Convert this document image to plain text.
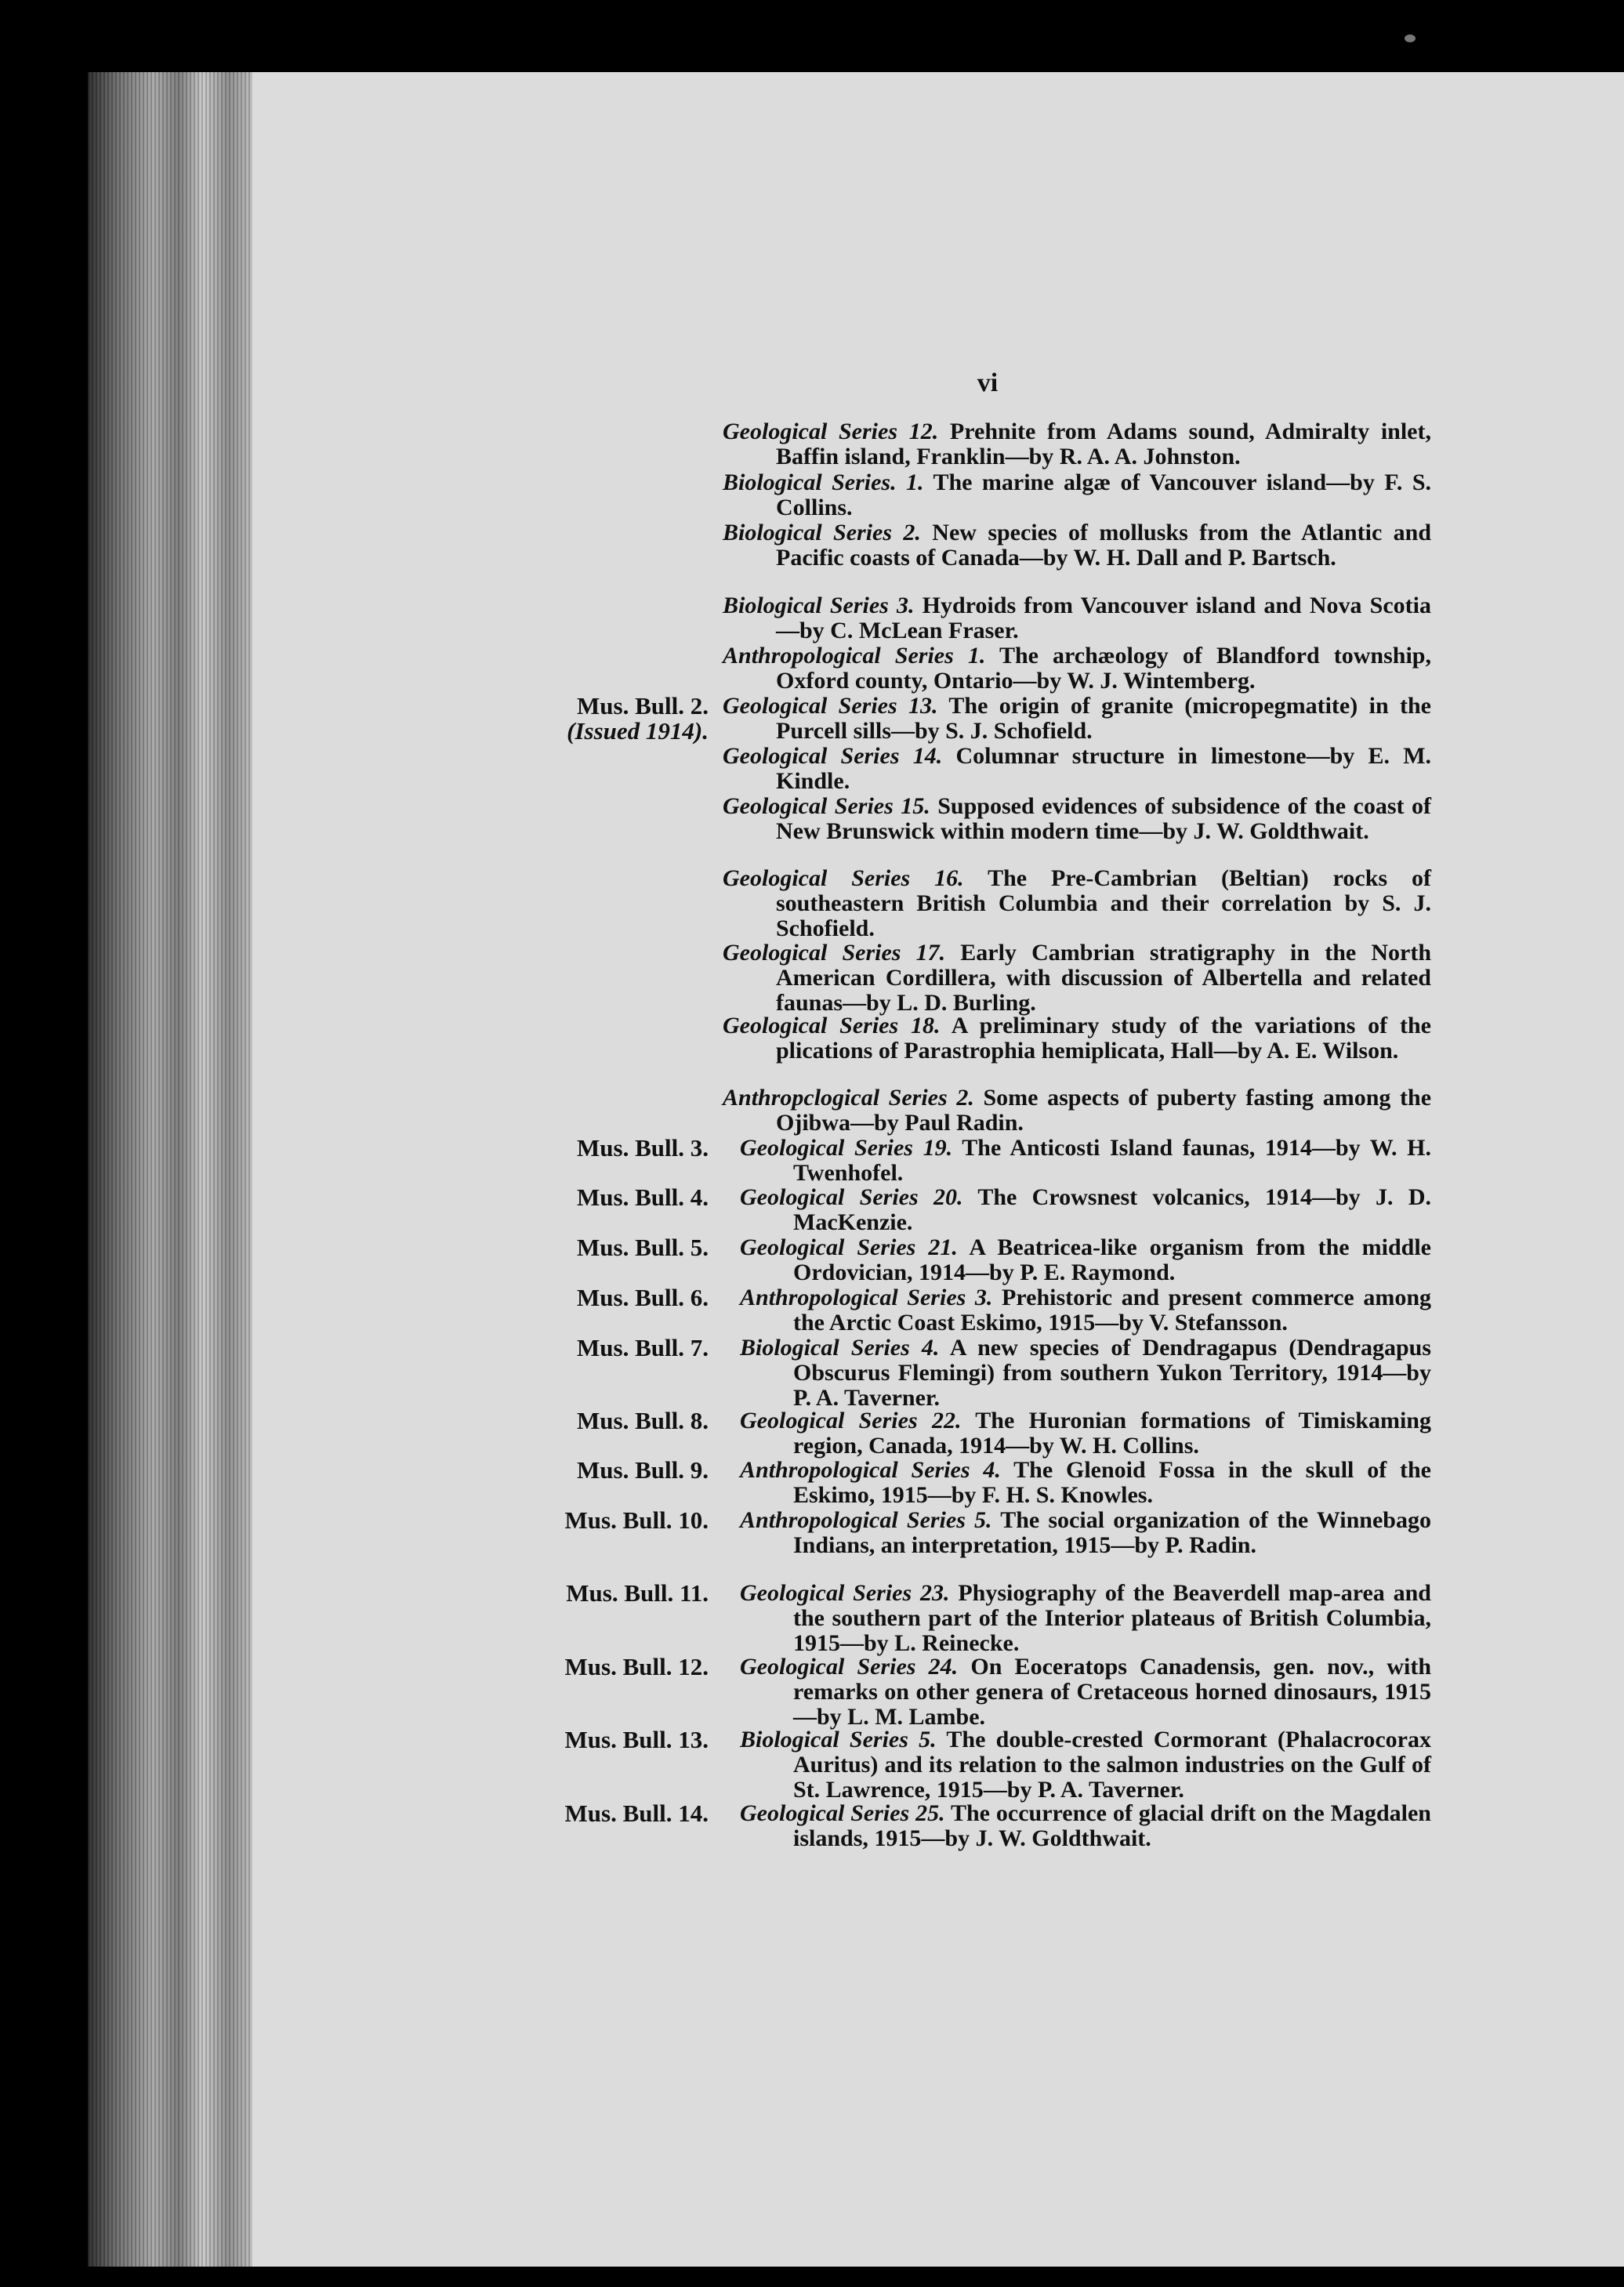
vi
Geological Series 12. Prehnite from Adams sound, Admiralty inlet, Baffin island, Franklin—by R. A. A. Johnston.
Biological Series. 1. The marine algæ of Vancouver island—by F. S. Collins.
Biological Series 2. New species of mollusks from the Atlantic and Pacific coasts of Canada—by W. H. Dall and P. Bartsch.
Biological Series 3. Hydroids from Vancouver island and Nova Scotia—by C. McLean Fraser.
Anthropological Series 1. The archæology of Blandford township, Oxford county, Ontario—by W. J. Wintemberg.
Mus. Bull. 2.
(Issued 1914).
Geological Series 13. The origin of granite (micropegmatite) in the Purcell sills—by S. J. Schofield.
Geological Series 14. Columnar structure in limestone—by E. M. Kindle.
Geological Series 15. Supposed evidences of subsidence of the coast of New Brunswick within modern time—by J. W. Goldthwait.
Geological Series 16. The Pre-Cambrian (Beltian) rocks of southeastern British Columbia and their correlation by S. J. Schofield.
Geological Series 17. Early Cambrian stratigraphy in the North American Cordillera, with discussion of Albertella and related faunas—by L. D. Burling.
Geological Series 18. A preliminary study of the variations of the plications of Parastrophia hemiplicata, Hall—by A. E. Wilson.
Anthropclogical Series 2. Some aspects of puberty fasting among the Ojibwa—by Paul Radin.
Mus. Bull. 3. Geological Series 19. The Anticosti Island faunas, 1914—by W. H. Twenhofel.
Mus. Bull. 4. Geological Series 20. The Crowsnest volcanics, 1914—by J. D. MacKenzie.
Mus. Bull. 5. Geological Series 21. A Beatricea-like organism from the middle Ordovician, 1914—by P. E. Raymond.
Mus. Bull. 6. Anthropological Series 3. Prehistoric and present commerce among the Arctic Coast Eskimo, 1915—by V. Stefansson.
Mus. Bull. 7. Biological Series 4. A new species of Dendragapus (Dendragapus Obscurus Flemingi) from southern Yukon Territory, 1914—by P. A. Taverner.
Mus. Bull. 8. Geological Series 22. The Huronian formations of Timiskaming region, Canada, 1914—by W. H. Collins.
Mus. Bull. 9. Anthropological Series 4. The Glenoid Fossa in the skull of the Eskimo, 1915—by F. H. S. Knowles.
Mus. Bull. 10. Anthropological Series 5. The social organization of the Winnebago Indians, an interpretation, 1915—by P. Radin.
Mus. Bull. 11. Geological Series 23. Physiography of the Beaverdell map-area and the southern part of the Interior plateaus of British Columbia, 1915—by L. Reinecke.
Mus. Bull. 12. Geological Series 24. On Eoceratops Canadensis, gen. nov., with remarks on other genera of Cretaceous horned dinosaurs, 1915—by L. M. Lambe.
Mus. Bull. 13. Biological Series 5. The double-crested Cormorant (Phalacrocorax Auritus) and its relation to the salmon industries on the Gulf of St. Lawrence, 1915—by P. A. Taverner.
Mus. Bull. 14. Geological Series 25. The occurrence of glacial drift on the Magdalen islands, 1915—by J. W. Goldthwait.
